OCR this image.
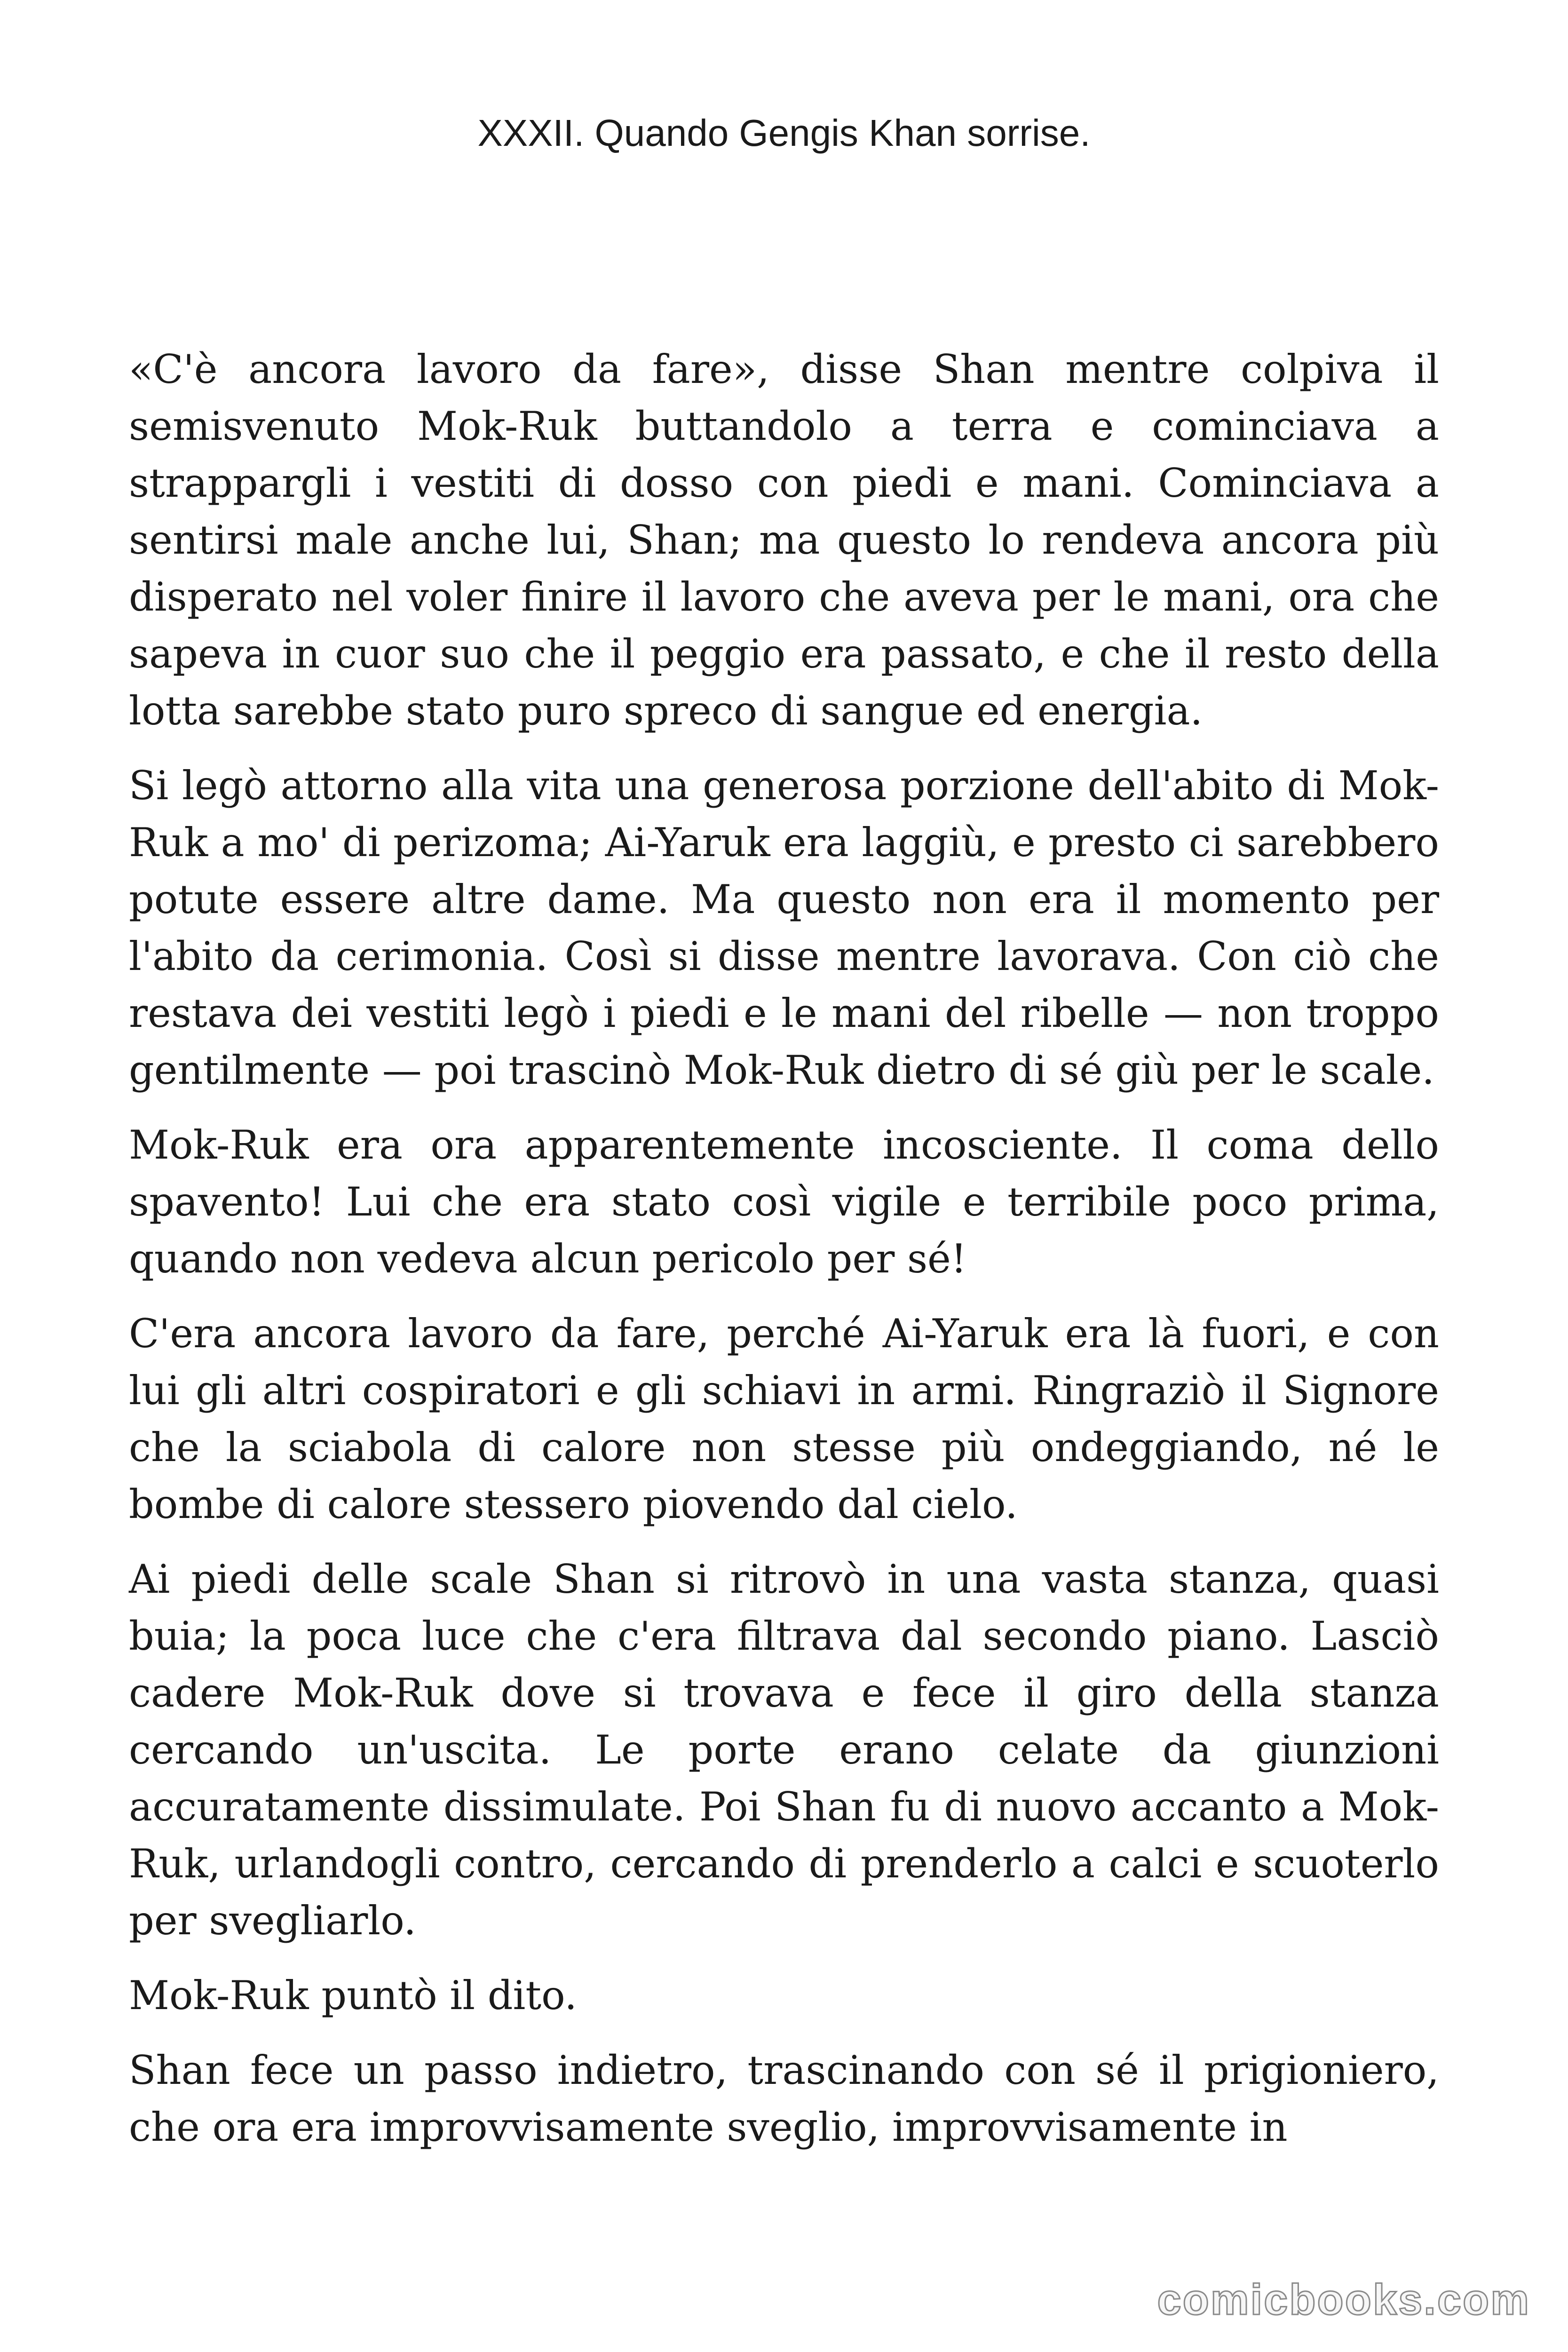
XXXII. Quando Gengis Khan sorrise.

«C'è ancora lavoro da fare», disse Shan mentre colpiva il semisvenuto Mok-Ruk buttandolo a terra e cominciava a strappargli i vestiti di dosso con piedi e mani. Cominciava a sentirsi male anche lui, Shan; ma questo lo rendeva ancora più disperato nel voler finire il lavoro che aveva per le mani, ora che sapeva in cuor suo che il peggio era passato, e che il resto della lotta sarebbe stato puro spreco di sangue ed energia.

Si legò attorno alla vita una generosa porzione dell'abito di Mok-Ruk a mo' di perizoma; Ai-Yaruk era laggiù, e presto ci sarebbero potute essere altre dame. Ma questo non era il momento per l'abito da cerimonia. Così si disse mentre lavorava. Con ciò che restava dei vestiti legò i piedi e le mani del ribelle — non troppo gentilmente — poi trascinò Mok-Ruk dietro di sé giù per le scale.

Mok-Ruk era ora apparentemente incosciente. Il coma dello spavento! Lui che era stato così vigile e terribile poco prima, quando non vedeva alcun pericolo per sé!

C'era ancora lavoro da fare, perché Ai-Yaruk era là fuori, e con lui gli altri cospiratori e gli schiavi in armi. Ringraziò il Signore che la sciabola di calore non stesse più ondeggiando, né le bombe di calore stessero piovendo dal cielo.

Ai piedi delle scale Shan si ritrovò in una vasta stanza, quasi buia; la poca luce che c'era filtrava dal secondo piano. Lasciò cadere Mok-Ruk dove si trovava e fece il giro della stanza cercando un'uscita. Le porte erano celate da giunzioni accuratamente dissimulate. Poi Shan fu di nuovo accanto a Mok-Ruk, urlandogli contro, cercando di prenderlo a calci e scuoterlo per svegliarlo.

Mok-Ruk puntò il dito.

Shan fece un passo indietro, trascinando con sé il prigioniero, che ora era improvvisamente sveglio, improvvisamente in

comicbooks.com
